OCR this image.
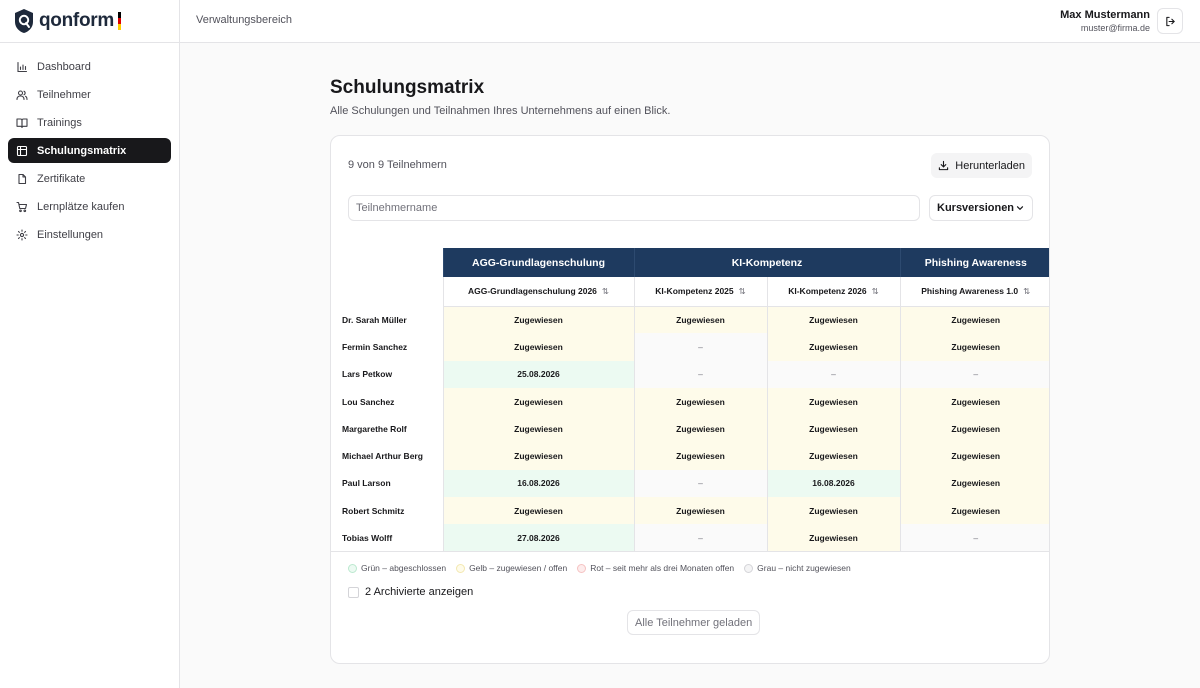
qonform
Dashboard
Teilnehmer
Trainings
Schulungsmatrix
Zertifikate
Lernplätze kaufen
Einstellungen
Verwaltungsbereich	Max Mustermann
muster@firma.de
Schulungsmatrix

Alle Schulungen und Teilnahmen Ihres Unternehmens auf einen Blick.

9 von 9 Teilnehmern	Herunterladen
Teilnehmername
Kursversionen
	AGG-Grundlagenschulung	KI-Kompetenz		Phishing Awareness
	AGG-Grundlagenschulung 2026 ⇅	KI-Kompetenz 2025 ⇅	KI-Kompetenz 2026 ⇅	Phishing Awareness 1.0 ⇅
Dr. Sarah Müller	Zugewiesen	Zugewiesen	Zugewiesen	Zugewiesen
Fermin Sanchez	Zugewiesen	–	Zugewiesen	Zugewiesen
Lars Petkow	25.08.2026	–	–	–
Lou Sanchez	Zugewiesen	Zugewiesen	Zugewiesen	Zugewiesen
Margarethe Rolf	Zugewiesen	Zugewiesen	Zugewiesen	Zugewiesen
Michael Arthur Berg	Zugewiesen	Zugewiesen	Zugewiesen	Zugewiesen
Paul Larson	16.08.2026	–	16.08.2026	Zugewiesen
Robert Schmitz	Zugewiesen	Zugewiesen	Zugewiesen	Zugewiesen
Tobias Wolff	27.08.2026	–	Zugewiesen	–
Grün – abgeschlossen	Gelb – zugewiesen / offen	Rot – seit mehr als drei Monaten offen	Grau – nicht zugewiesen
2 Archivierte anzeigen
Alle Teilnehmer geladen
